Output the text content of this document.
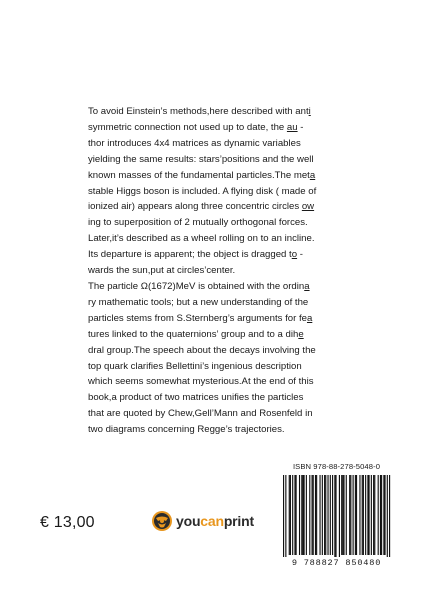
To avoid Einstein’s methods,here described with anti
symmetric connection not used up to date, the au -
thor introduces 4x4 matrices as dynamic variables
yielding the same results: stars’positions and the well
known masses of the fundamental particles.The meta
stable Higgs boson is included. A flying disk ( made of
ionized air) appears along three concentric circles ow
ing to superposition of 2 mutually orthogonal forces.
Later,it’s described as a wheel rolling on to an incline.
Its departure is apparent; the object is dragged to -
wards the sun,put at circles’center.
The particle Ω(1672)MeV is obtained with the ordina
ry mathematic tools; but a new understanding of the
particles stems from S.Sternberg’s arguments for fea
tures linked to the quaternions’ group and to a dihe
dral group.The speech about the decays involving the
top quark clarifies Bellettini’s ingenious description
which seems somewhat mysterious.At the end of this
book,a product of two matrices unifies the particles
that are quoted by Chew,Gell’Mann and Rosenfeld in
two diagrams concerning Regge’s trajectories.
€ 13,00	youcanprint
ISBN 978-88-278-5048-0
9 788827 850480
